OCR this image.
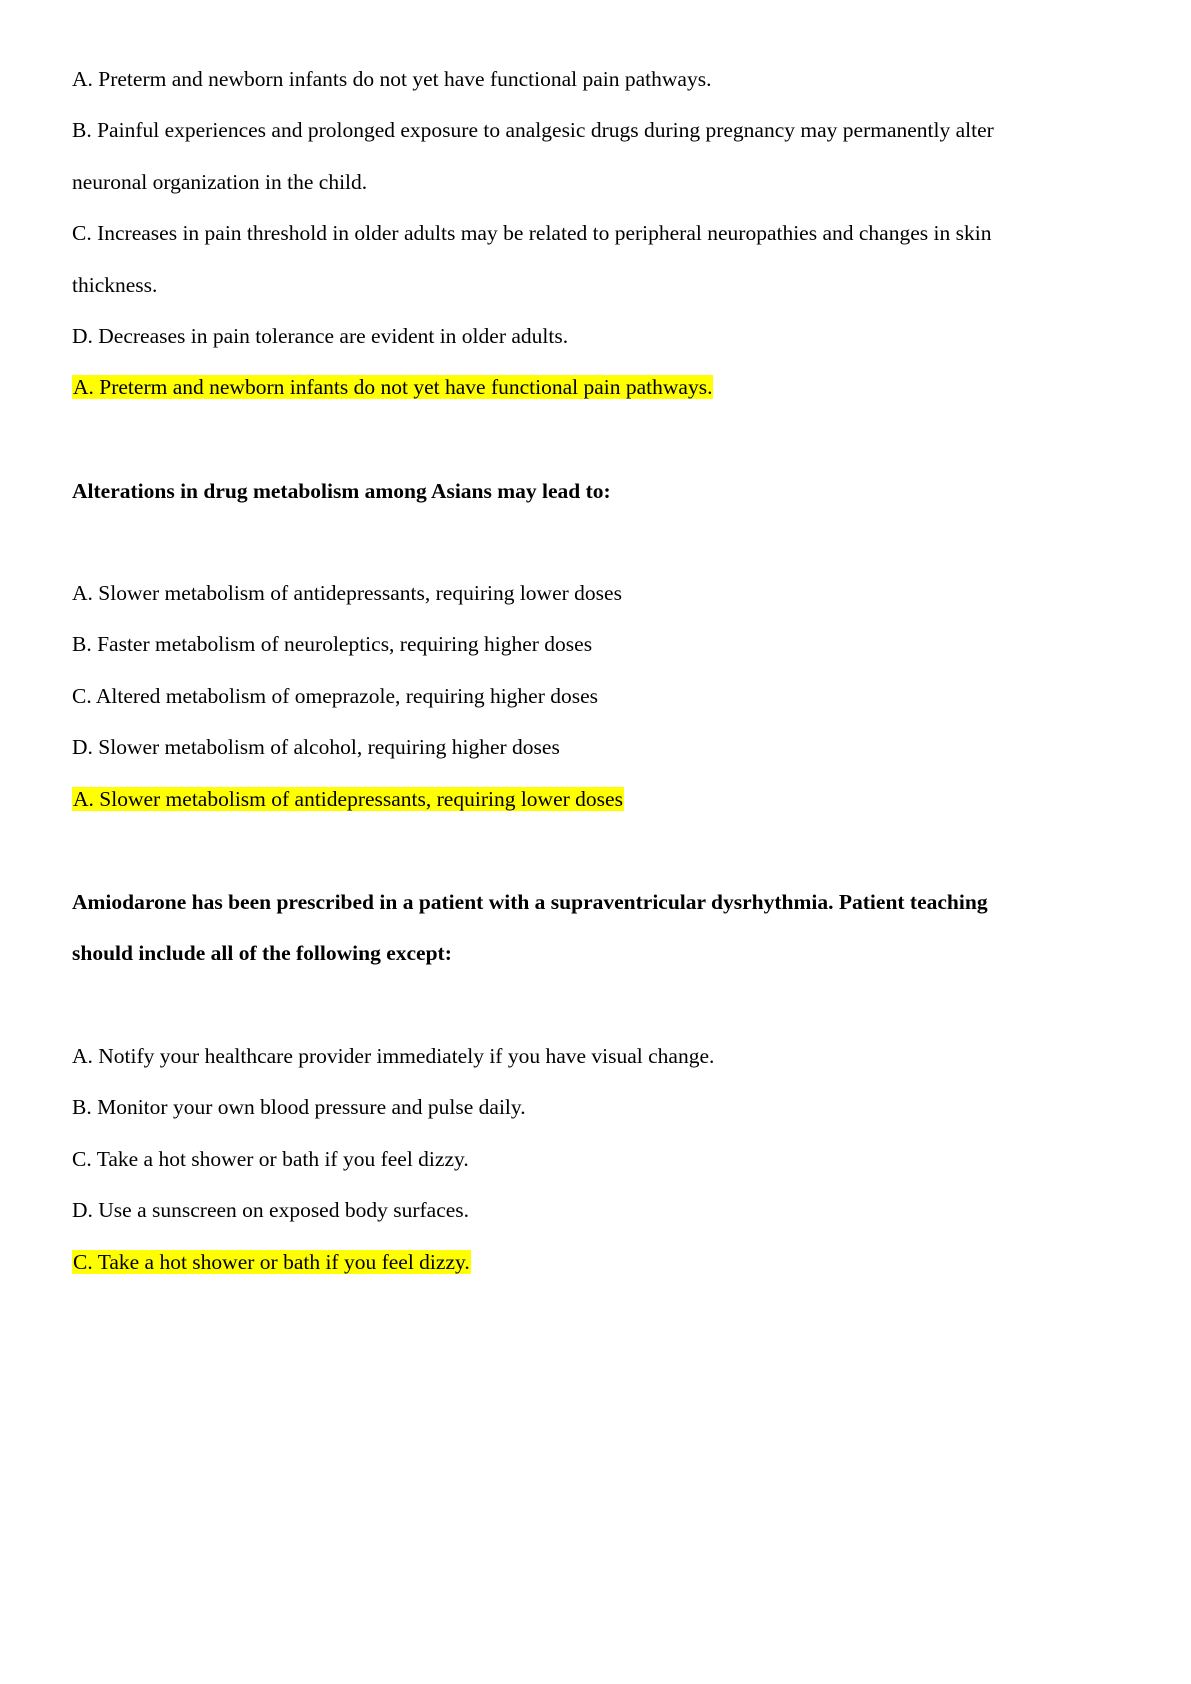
A. Preterm and newborn infants do not yet have functional pain pathways.
B. Painful experiences and prolonged exposure to analgesic drugs during pregnancy may permanently alter
neuronal organization in the child.
C. Increases in pain threshold in older adults may be related to peripheral neuropathies and changes in skin
thickness.
D. Decreases in pain tolerance are evident in older adults.
A. Preterm and newborn infants do not yet have functional pain pathways.
Alterations in drug metabolism among Asians may lead to:
A. Slower metabolism of antidepressants, requiring lower doses
B. Faster metabolism of neuroleptics, requiring higher doses
C. Altered metabolism of omeprazole, requiring higher doses
D. Slower metabolism of alcohol, requiring higher doses
A. Slower metabolism of antidepressants, requiring lower doses
Amiodarone has been prescribed in a patient with a supraventricular dysrhythmia. Patient teaching
should include all of the following except:
A. Notify your healthcare provider immediately if you have visual change.
B. Monitor your own blood pressure and pulse daily.
C. Take a hot shower or bath if you feel dizzy.
D. Use a sunscreen on exposed body surfaces.
C. Take a hot shower or bath if you feel dizzy.
